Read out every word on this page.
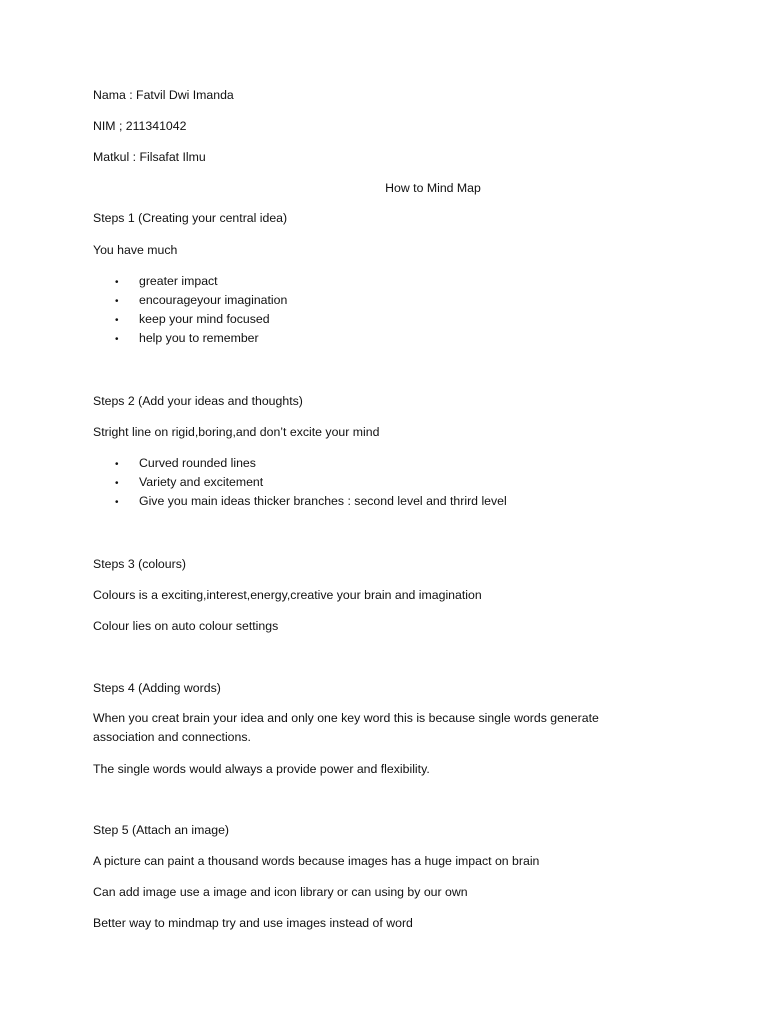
Nama : Fatvil Dwi Imanda
NIM ; 211341042
Matkul : Filsafat Ilmu
How to Mind Map
Steps 1 (Creating your central idea)
You have much
• greater impact
• encourageyour imagination
• keep your mind focused
• help you to remember
Steps 2 (Add your ideas and thoughts)
Stright line on rigid,boring,and don’t excite your mind
• Curved rounded lines
• Variety and excitement
• Give you main ideas thicker branches : second level and thrird level
Steps 3 (colours)
Colours is a exciting,interest,energy,creative your brain and imagination
Colour lies on auto colour settings
Steps 4 (Adding words)
When you creat brain your idea and only one key word this is because single words generate association and connections.
The single words would always a provide power and flexibility.
Step 5 (Attach an image)
A picture can paint a thousand words because images has a huge impact on brain
Can add image use a image and icon library or can using by our own
Better way to mindmap try and use images instead of word
